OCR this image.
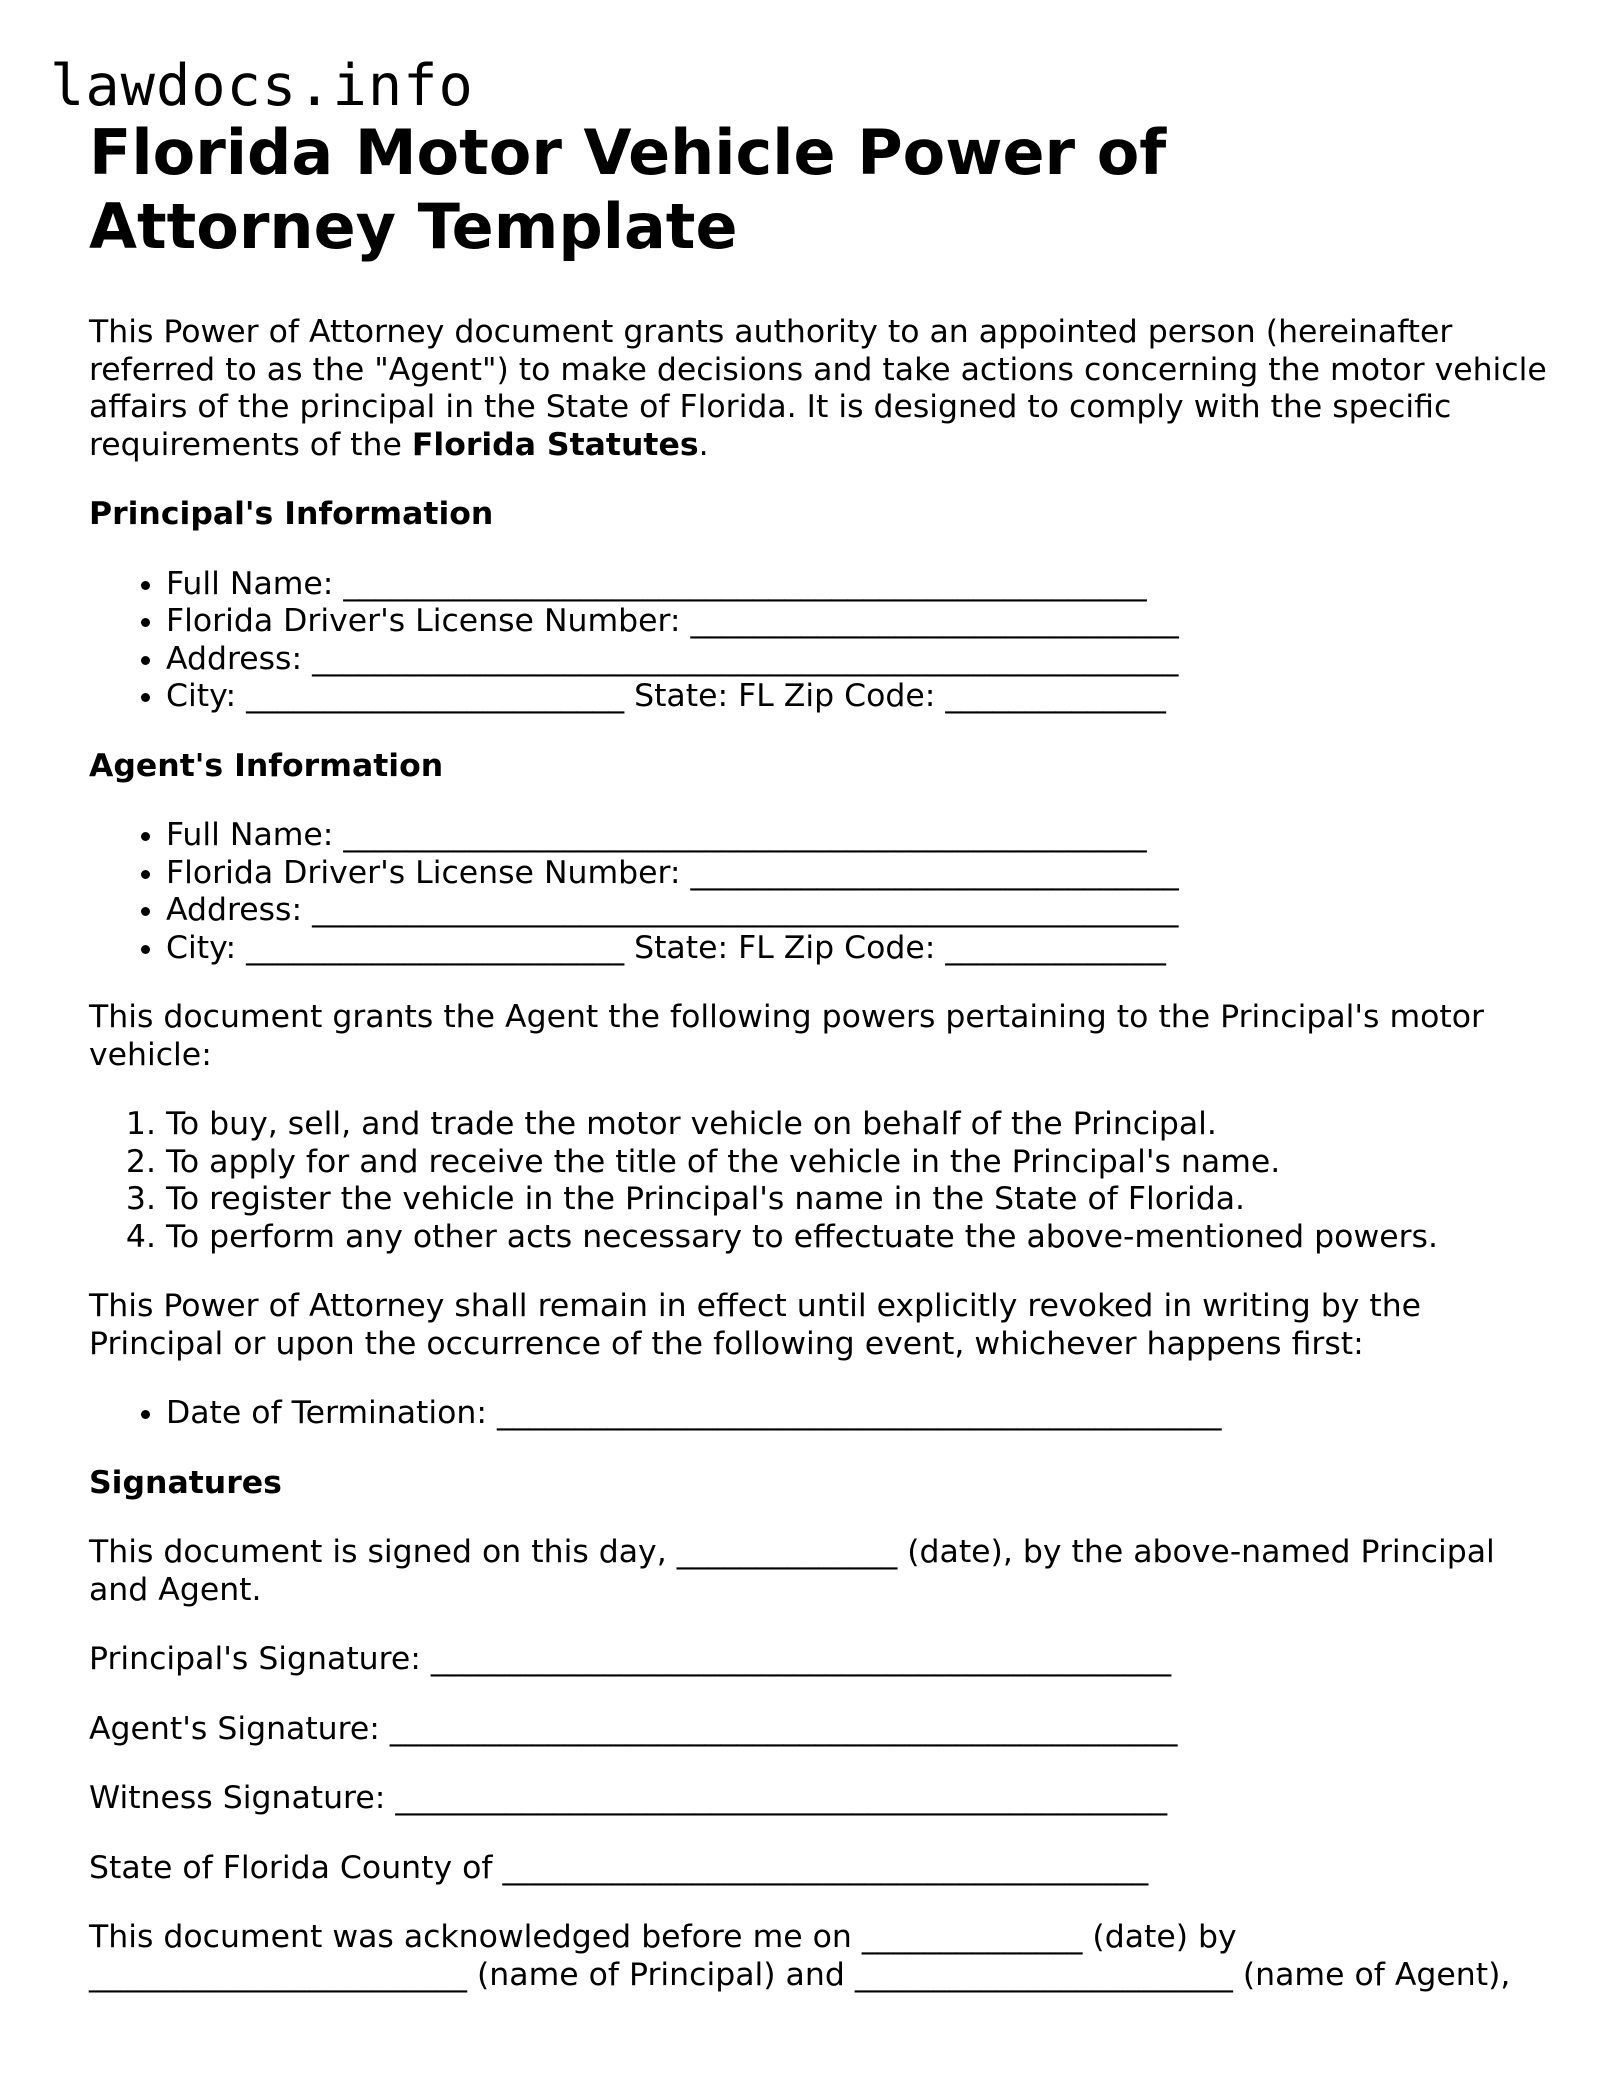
lawdocs.info
Florida Motor Vehicle Power of Attorney Template

This Power of Attorney document grants authority to an appointed person (hereinafter referred to as the "Agent") to make decisions and take actions concerning the motor vehicle affairs of the principal in the State of Florida. It is designed to comply with the specific requirements of the Florida Statutes.

Principal's Information
• Full Name: ___________________________________________________
• Florida Driver's License Number: _______________________________
• Address: _______________________________________________________
• City: ________________________ State: FL Zip Code: ______________
Agent's Information
• Full Name: ___________________________________________________
• Florida Driver's License Number: _______________________________
• Address: _______________________________________________________
• City: ________________________ State: FL Zip Code: ______________

This document grants the Agent the following powers pertaining to the Principal's motor vehicle:

1. To buy, sell, and trade the motor vehicle on behalf of the Principal.
2. To apply for and receive the title of the vehicle in the Principal's name.
3. To register the vehicle in the Principal's name in the State of Florida.
4. To perform any other acts necessary to effectuate the above-mentioned powers.

This Power of Attorney shall remain in effect until explicitly revoked in writing by the Principal or upon the occurrence of the following event, whichever happens first:

• Date of Termination: ______________________________________________
Signatures

This document is signed on this day, ______________ (date), by the above-named Principal and Agent.

Principal's Signature: _______________________________________________

Agent's Signature: __________________________________________________

Witness Signature: _________________________________________________

State of Florida County of _________________________________________

This document was acknowledged before me on ______________ (date) by ________________________ (name of Principal) and ________________________ (name of Agent),
